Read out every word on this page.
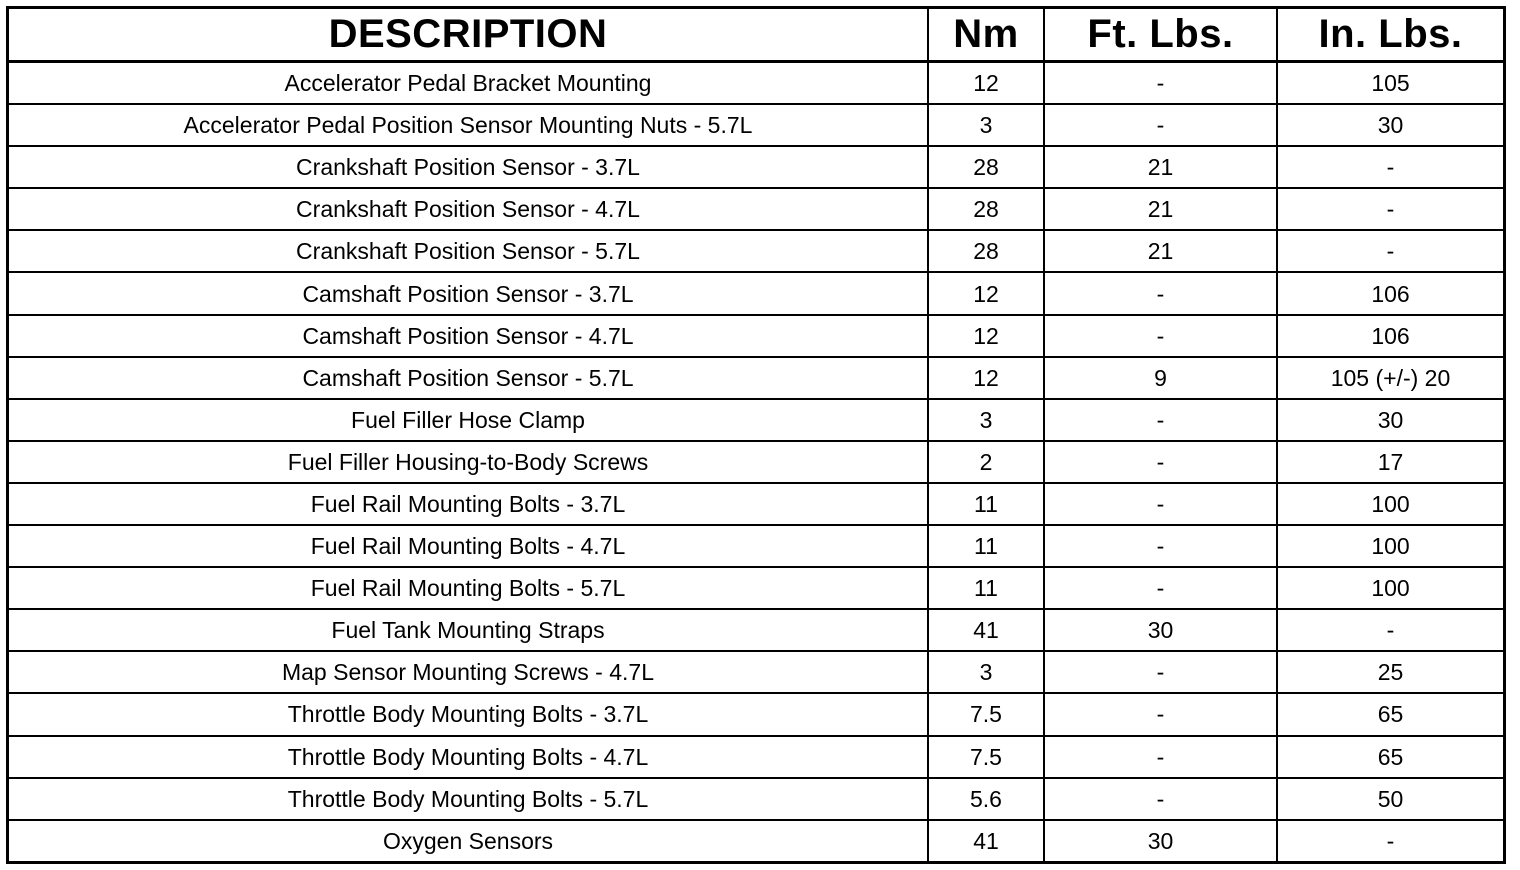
DESCRIPTION	Nm	Ft. Lbs.	In. Lbs.
Accelerator Pedal Bracket Mounting	12	-	105
Accelerator Pedal Position Sensor Mounting Nuts - 5.7L	3	-	30
Crankshaft Position Sensor - 3.7L	28	21	-
Crankshaft Position Sensor - 4.7L	28	21	-
Crankshaft Position Sensor - 5.7L	28	21	-
Camshaft Position Sensor - 3.7L	12	-	106
Camshaft Position Sensor - 4.7L	12	-	106
Camshaft Position Sensor - 5.7L	12	9	105 (+/-) 20
Fuel Filler Hose Clamp	3	-	30
Fuel Filler Housing-to-Body Screws	2	-	17
Fuel Rail Mounting Bolts - 3.7L	11	-	100
Fuel Rail Mounting Bolts - 4.7L	11	-	100
Fuel Rail Mounting Bolts - 5.7L	11	-	100
Fuel Tank Mounting Straps	41	30	-
Map Sensor Mounting Screws - 4.7L	3	-	25
Throttle Body Mounting Bolts - 3.7L	7.5	-	65
Throttle Body Mounting Bolts - 4.7L	7.5	-	65
Throttle Body Mounting Bolts - 5.7L	5.6	-	50
Oxygen Sensors	41	30	-
